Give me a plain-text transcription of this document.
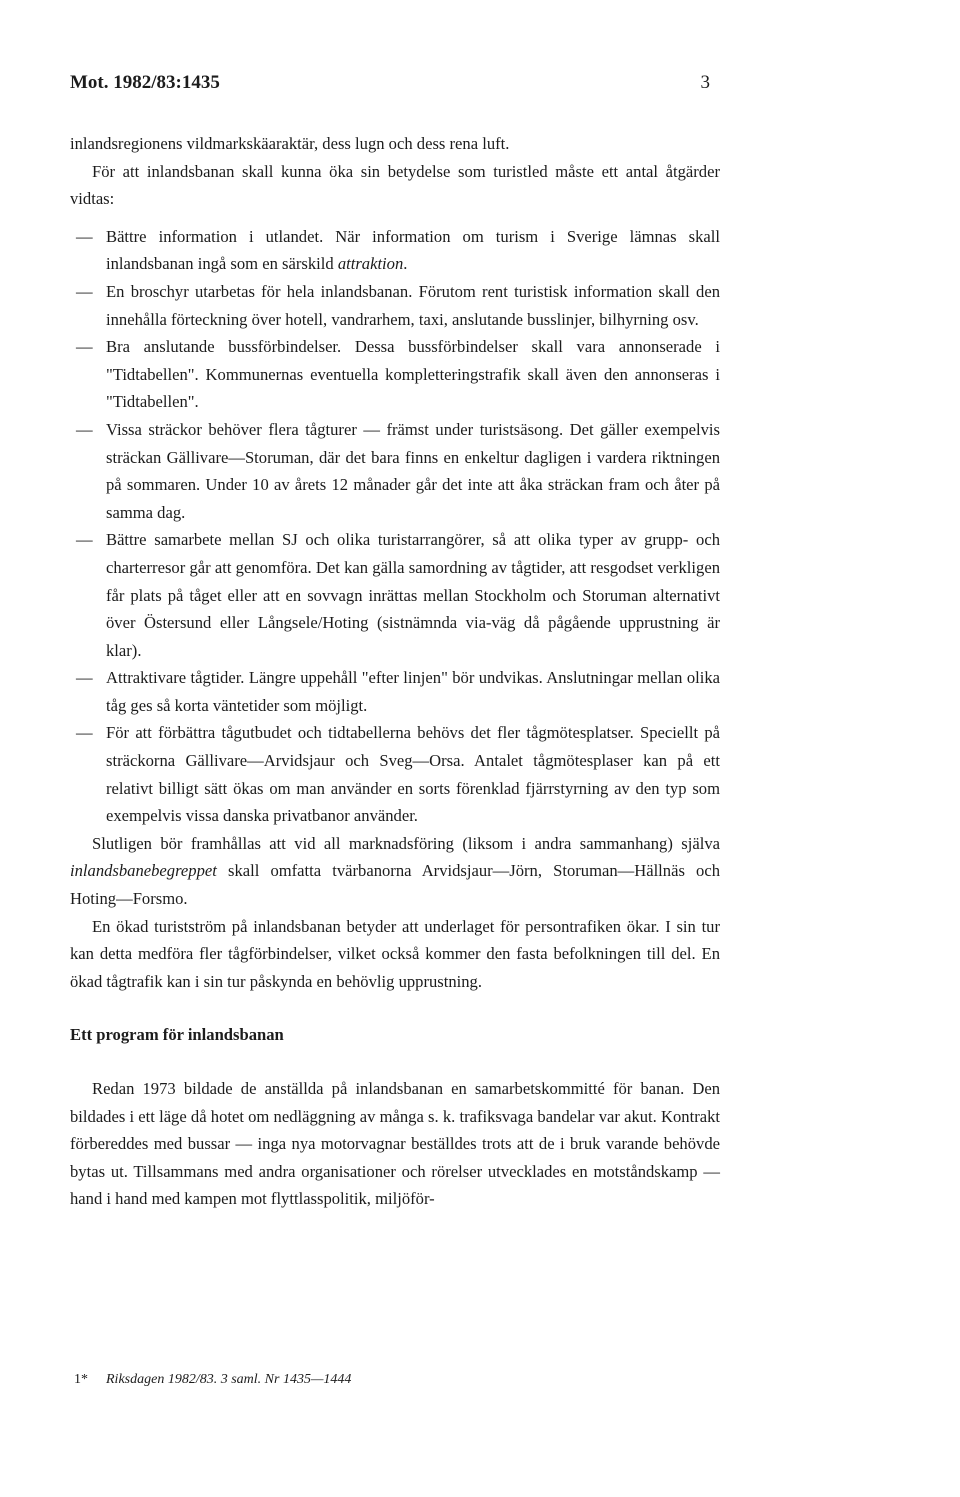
Mot. 1982/83:1435	3

inlandsregionens vildmarkskäaraktär, dess lugn och dess rena luft.

För att inlandsbanan skall kunna öka sin betydelse som turistled måste ett antal åtgärder vidtas:

— Bättre information i utlandet. När information om turism i Sverige lämnas skall inlandsbanan ingå som en särskild attraktion.

— En broschyr utarbetas för hela inlandsbanan. Förutom rent turistisk information skall den innehålla förteckning över hotell, vandrarhem, taxi, anslutande busslinjer, bilhyrning osv.

— Bra anslutande bussförbindelser. Dessa bussförbindelser skall vara annonserade i "Tidtabellen". Kommunernas eventuella kompletteringstrafik skall även den annonseras i "Tidtabellen".

— Vissa sträckor behöver flera tågturer — främst under turistsäsong. Det gäller exempelvis sträckan Gällivare—Storuman, där det bara finns en enkeltur dagligen i vardera riktningen på sommaren. Under 10 av årets 12 månader går det inte att åka sträckan fram och åter på samma dag.

— Bättre samarbete mellan SJ och olika turistarrangörer, så att olika typer av grupp- och charterresor går att genomföra. Det kan gälla samordning av tågtider, att resgodset verkligen får plats på tåget eller att en sovvagn inrättas mellan Stockholm och Storuman alternativt över Östersund eller Långsele/Hoting (sistnämnda via-väg då pågående upprustning är klar).

— Attraktivare tågtider. Längre uppehåll "efter linjen" bör undvikas. Anslutningar mellan olika tåg ges så korta väntetider som möjligt.

— För att förbättra tågutbudet och tidtabellerna behövs det fler tågmötesplatser. Speciellt på sträckorna Gällivare—Arvidsjaur och Sveg—Orsa. Antalet tågmötesplaser kan på ett relativt billigt sätt ökas om man använder en sorts förenklad fjärrstyrning av den typ som exempelvis vissa danska privatbanor använder.

Slutligen bör framhållas att vid all marknadsföring (liksom i andra sammanhang) själva inlandsbanebegreppet skall omfatta tvärbanorna Arvidsjaur—Jörn, Storuman—Hällnäs och Hoting—Forsmo.

En ökad turistström på inlandsbanan betyder att underlaget för persontrafiken ökar. I sin tur kan detta medföra fler tågförbindelser, vilket också kommer den fasta befolkningen till del. En ökad tågtrafik kan i sin tur påskynda en behövlig upprustning.

Ett program för inlandsbanan

Redan 1973 bildade de anställda på inlandsbanan en samarbetskommitté för banan. Den bildades i ett läge då hotet om nedläggning av många s. k. trafiksvaga bandelar var akut. Kontrakt förbereddes med bussar — inga nya motorvagnar beställdes trots att de i bruk varande behövde bytas ut. Tillsammans med andra organisationer och rörelser utvecklades en motståndskamp — hand i hand med kampen mot flyttlasspolitik, miljöför-

1* Riksdagen 1982/83. 3 saml. Nr 1435—1444
